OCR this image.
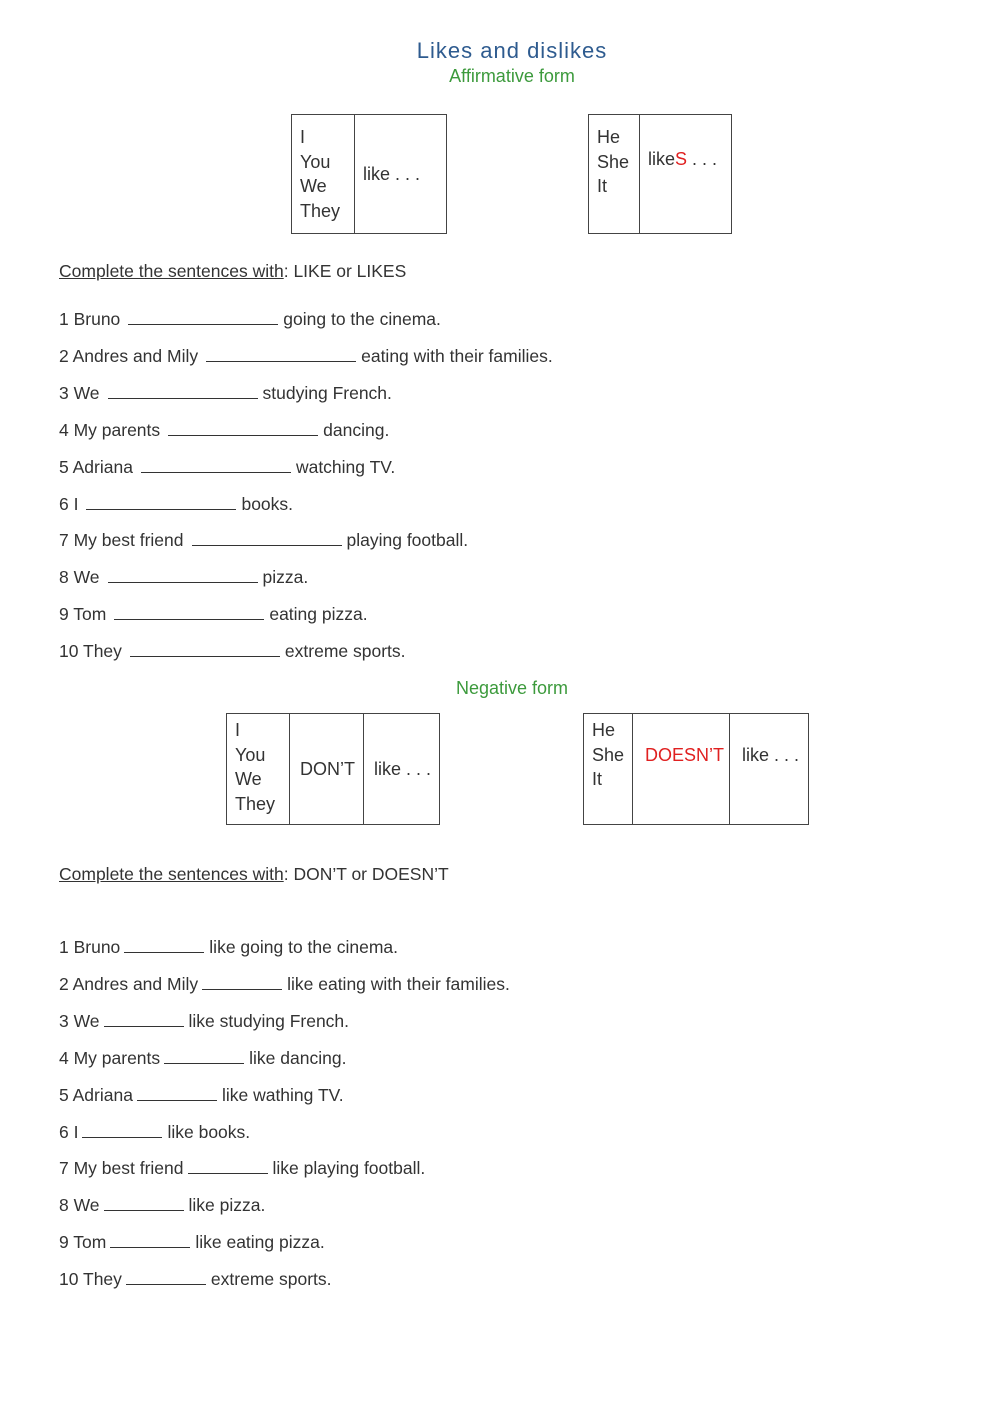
Likes and dislikes
Affirmative form
I
You
We
They
like . . .
He
She
It
likeS . . .
Complete the sentences with: LIKE or LIKES
1 Bruno	going to the cinema.
2 Andres and Mily	eating with their families.
3 We	studying French.
4 My parents	dancing.
5 Adriana	watching TV.
6 I	books.
7 My best friend	playing football.
8 We	pizza.
9 Tom	eating pizza.
10 They	extreme sports.
Negative form
I
You
We
They
DON’T like . . .
He
She
It
DOESN’T like . . .
Complete the sentences with: DON’T or DOESN’T
1 Bruno	like going to the cinema.
2 Andres and Mily	like eating with their families.
3 We	like studying French.
4 My parents	like dancing.
5 Adriana	like wathing TV.
6 I	like books.
7 My best friend	like playing football.
8 We	like pizza.
9 Tom	like eating pizza.
10 They	extreme sports.
